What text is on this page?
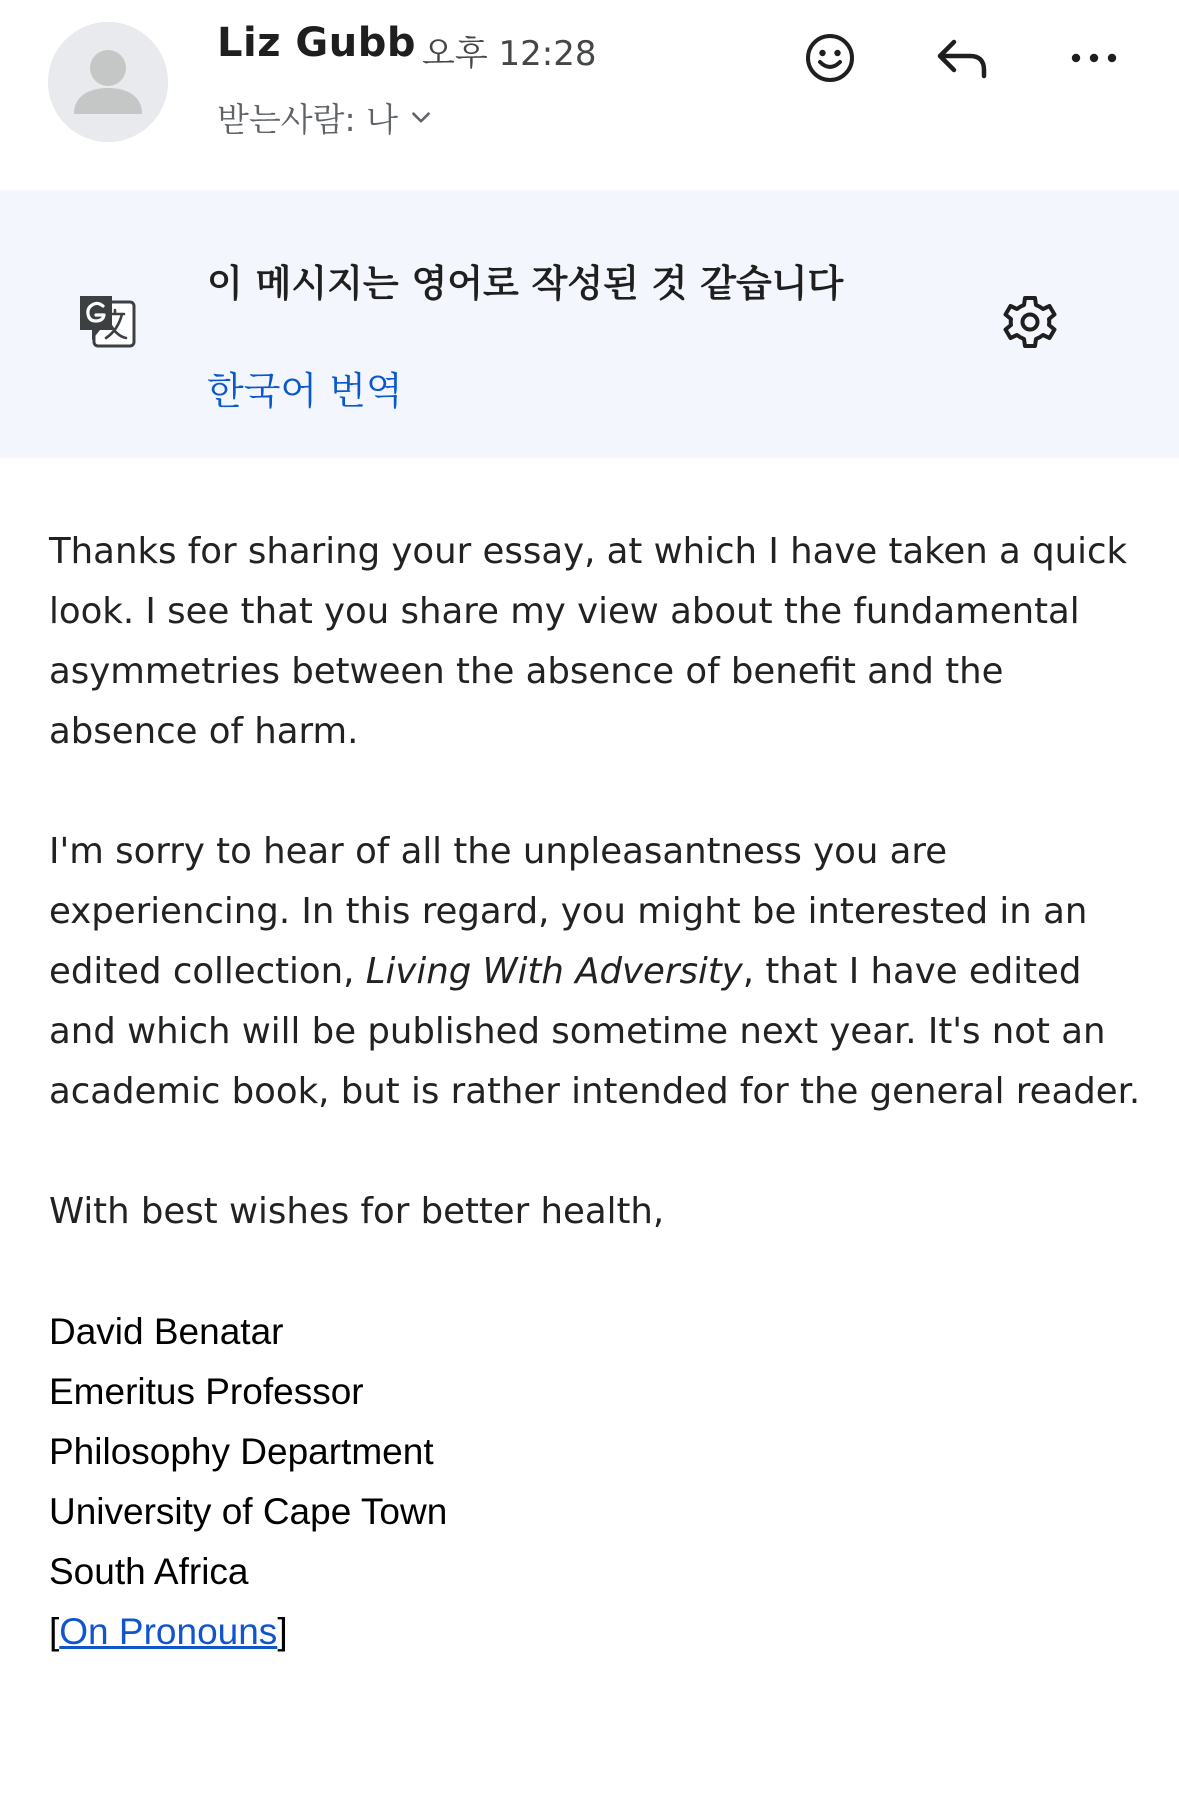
Liz Gubb 오후 12:28
받는사람: 나
이 메시지는 영어로 작성된 것 같습니다
한국어 번역

Thanks for sharing your essay, at which I have taken a quick look. I see that you share my view about the fundamental asymmetries between the absence of benefit and the absence of harm.

I'm sorry to hear of all the unpleasantness you are experiencing. In this regard, you might be interested in an edited collection, Living With Adversity, that I have edited and which will be published sometime next year. It's not an academic book, but is rather intended for the general reader.

With best wishes for better health,

David Benatar
Emeritus Professor
Philosophy Department
University of Cape Town
South Africa
[On Pronouns]
